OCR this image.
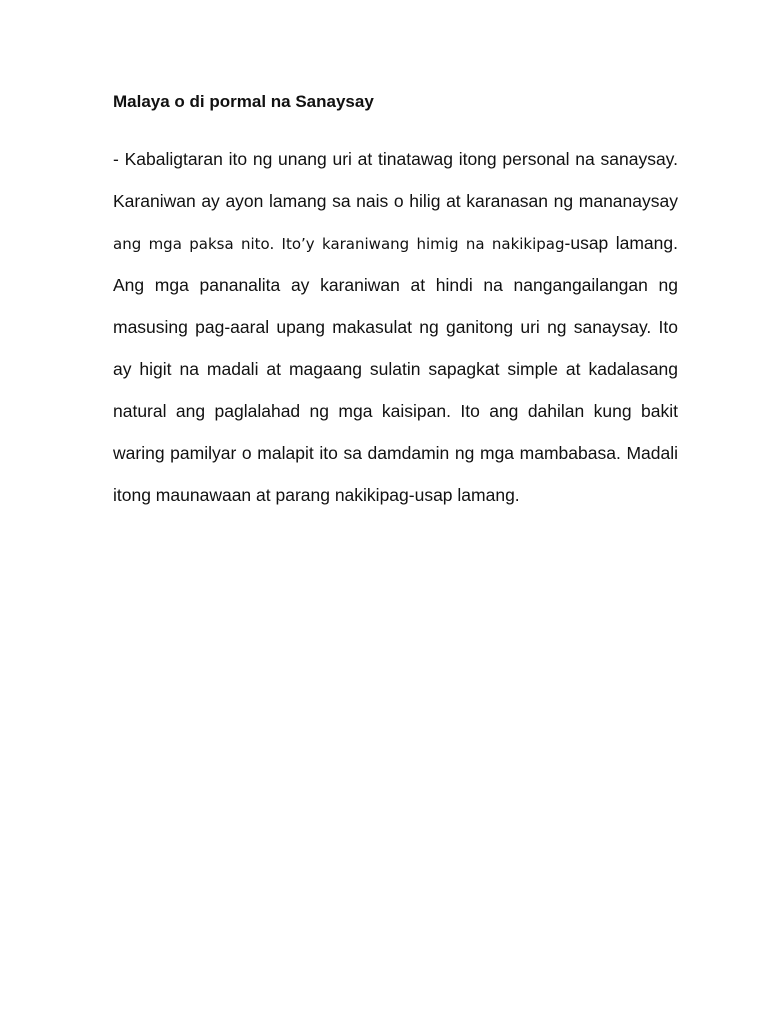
Malaya o di pormal na Sanaysay
- Kabaligtaran ito ng unang uri at tinatawag itong personal na sanaysay.
Karaniwan ay ayon lamang sa nais o hilig at karanasan ng mananaysay
ang mga paksa nito. Ito’y karaniwang himig na nakikipag-usap lamang.
Ang mga pananalita ay karaniwan at hindi na nangangailangan ng
masusing pag-aaral upang makasulat ng ganitong uri ng sanaysay. Ito
ay higit na madali at magaang sulatin sapagkat simple at kadalasang
natural ang paglalahad ng mga kaisipan. Ito ang dahilan kung bakit
waring pamilyar o malapit ito sa damdamin ng mga mambabasa. Madali
itong maunawaan at parang nakikipag-usap lamang.
